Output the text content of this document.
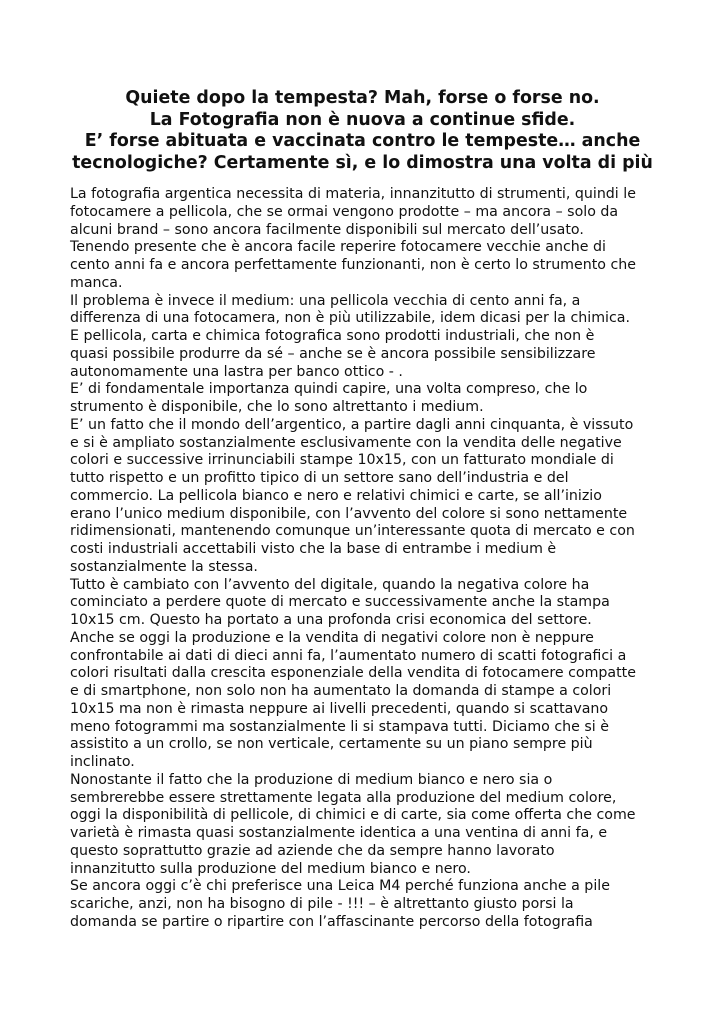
Quiete dopo la tempesta? Mah, forse o forse no.
La Fotografia non è nuova a continue sfide.
E’ forse abituata e vaccinata contro le tempeste… anche
tecnologiche? Certamente sì, e lo dimostra una volta di più
La fotografia argentica necessita di materia, innanzitutto di strumenti, quindi le
fotocamere a pellicola, che se ormai vengono prodotte – ma ancora – solo da
alcuni brand – sono ancora facilmente disponibili sul mercato dell’usato.
Tenendo presente che è ancora facile reperire fotocamere vecchie anche di
cento anni fa e ancora perfettamente funzionanti, non è certo lo strumento che
manca.
Il problema è invece il medium: una pellicola vecchia di cento anni fa, a
differenza di una fotocamera, non è più utilizzabile, idem dicasi per la chimica.
E pellicola, carta e chimica fotografica sono prodotti industriali, che non è
quasi possibile produrre da sé – anche se è ancora possibile sensibilizzare
autonomamente una lastra per banco ottico - .
E’ di fondamentale importanza quindi capire, una volta compreso, che lo
strumento è disponibile, che lo sono altrettanto i medium.
E’ un fatto che il mondo dell’argentico, a partire dagli anni cinquanta, è vissuto
e si è ampliato sostanzialmente esclusivamente con la vendita delle negative
colori e successive irrinunciabili stampe 10x15, con un fatturato mondiale di
tutto rispetto e un profitto tipico di un settore sano dell’industria e del
commercio. La pellicola bianco e nero e relativi chimici e carte, se all’inizio
erano l’unico medium disponibile, con l’avvento del colore si sono nettamente
ridimensionati, mantenendo comunque un’interessante quota di mercato e con
costi industriali accettabili visto che la base di entrambe i medium è
sostanzialmente la stessa.
Tutto è cambiato con l’avvento del digitale, quando la negativa colore ha
cominciato a perdere quote di mercato e successivamente anche la stampa
10x15 cm. Questo ha portato a una profonda crisi economica del settore.
Anche se oggi la produzione e la vendita di negativi colore non è neppure
confrontabile ai dati di dieci anni fa, l’aumentato numero di scatti fotografici a
colori risultati dalla crescita esponenziale della vendita di fotocamere compatte
e di smartphone, non solo non ha aumentato la domanda di stampe a colori
10x15 ma non è rimasta neppure ai livelli precedenti, quando si scattavano
meno fotogrammi ma sostanzialmente li si stampava tutti. Diciamo che si è
assistito a un crollo, se non verticale, certamente su un piano sempre più
inclinato.
Nonostante il fatto che la produzione di medium bianco e nero sia o
sembrerebbe essere strettamente legata alla produzione del medium colore,
oggi la disponibilità di pellicole, di chimici e di carte, sia come offerta che come
varietà è rimasta quasi sostanzialmente identica a una ventina di anni fa, e
questo soprattutto grazie ad aziende che da sempre hanno lavorato
innanzitutto sulla produzione del medium bianco e nero.
Se ancora oggi c’è chi preferisce una Leica M4 perché funziona anche a pile
scariche, anzi, non ha bisogno di pile - !!! – è altrettanto giusto porsi la
domanda se partire o ripartire con l’affascinante percorso della fotografia
